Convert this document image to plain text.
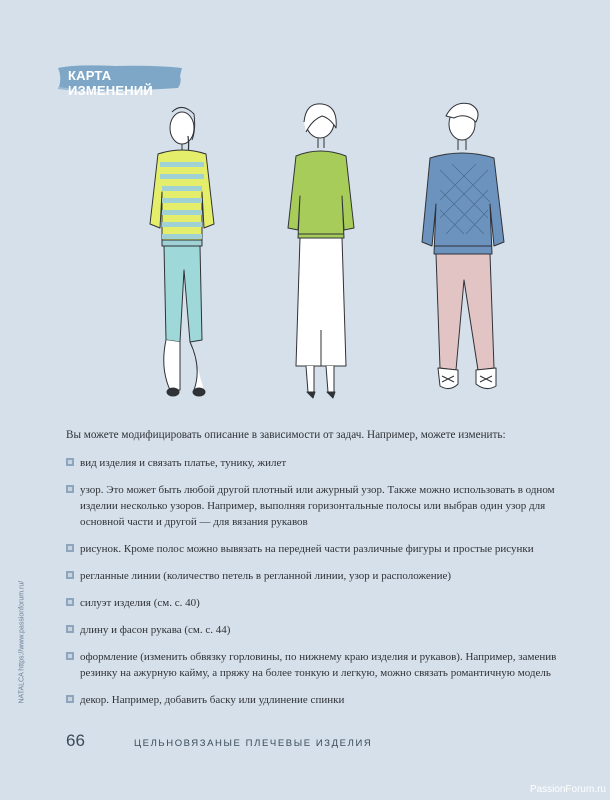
КАРТА ИЗМЕНЕНИЙ

Вы можете модифицировать описание в зависимости от задач. Например, можете изменить:

вид изделия и связать платье, тунику, жилет
узор. Это может быть любой другой плотный или ажурный узор. Также можно использовать в одном изделии несколько узоров. Например, выполняя горизонтальные полосы или выбрав один узор для основной части и другой — для вязания рукавов
рисунок. Кроме полос можно вывязать на передней части различные фигуры и простые рисунки
регланные линии (количество петель в регланной линии, узор и расположение)
силуэт изделия (см. с. 40)
длину и фасон рукава (см. с. 44)
оформление (изменить обвязку горловины, по нижнему краю изделия и рукавов). Например, заменив резинку на ажурную кайму, а пряжу на более тонкую и легкую, можно связать романтичную модель
декор. Например, добавить баску или удлинение спинки
66	ЦЕЛЬНОВЯЗАНЫЕ ПЛЕЧЕВЫЕ ИЗДЕЛИЯ
NATALCA https://www.passionforum.ru/
PassionForum.ru
